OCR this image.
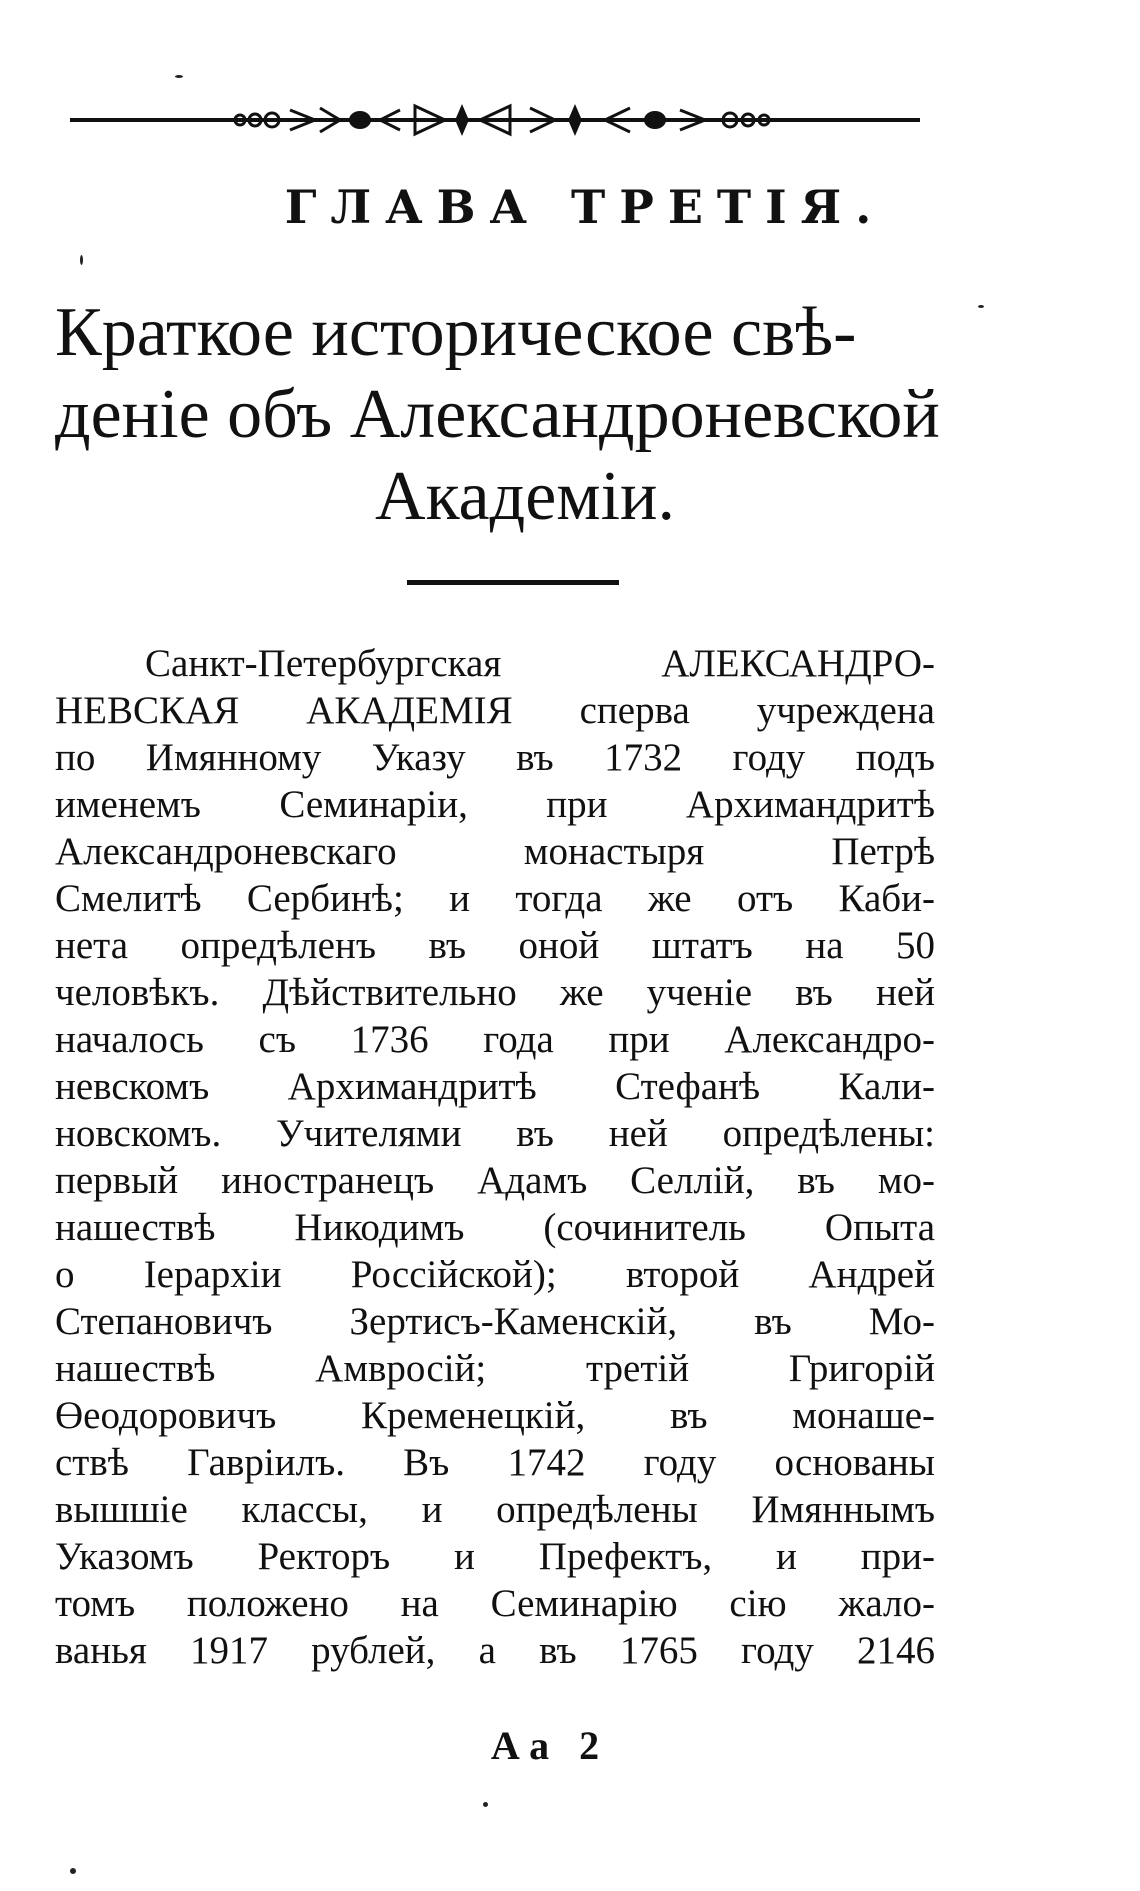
ГЛАВА ТРЕТІЯ.
Краткое историческое свѣ-
деніе объ Александроневской
Академіи.
Санкт-Петербургская АЛЕКСАНДРО-
НЕВСКАЯ АКАДЕМІЯ сперва учреждена
по Имянному Указу въ 1732 году подъ
именемъ Семинаріи, при Архимандритѣ
Александроневскаго монастыря Петрѣ
Смелитѣ Сербинѣ; и тогда же отъ Каби-
нета опредѣленъ въ оной штатъ на 50
человѣкъ. Дѣйствительно же ученіе въ ней
началось съ 1736 года при Александро-
невскомъ Архимандритѣ Стефанѣ Кали-
новскомъ. Учителями въ ней опредѣлены:
первый иностранецъ Адамъ Селлій, въ мо-
нашествѣ Никодимъ (сочинитель Опыта
о Іерархіи Россійской); второй Андрей
Степановичъ Зертисъ-Каменскій, въ Мо-
нашествѣ Амвросій; третій Григорій
Өеодоровичъ Кременецкій, въ монаше-
ствѣ Гавріилъ. Въ 1742 году основаны
вышшіе классы, и опредѣлены Имяннымъ
Указомъ Ректоръ и Префектъ, и при-
томъ положено на Семинарію сію жало-
ванья 1917 рублей, а въ 1765 году 2146
Аа 2
